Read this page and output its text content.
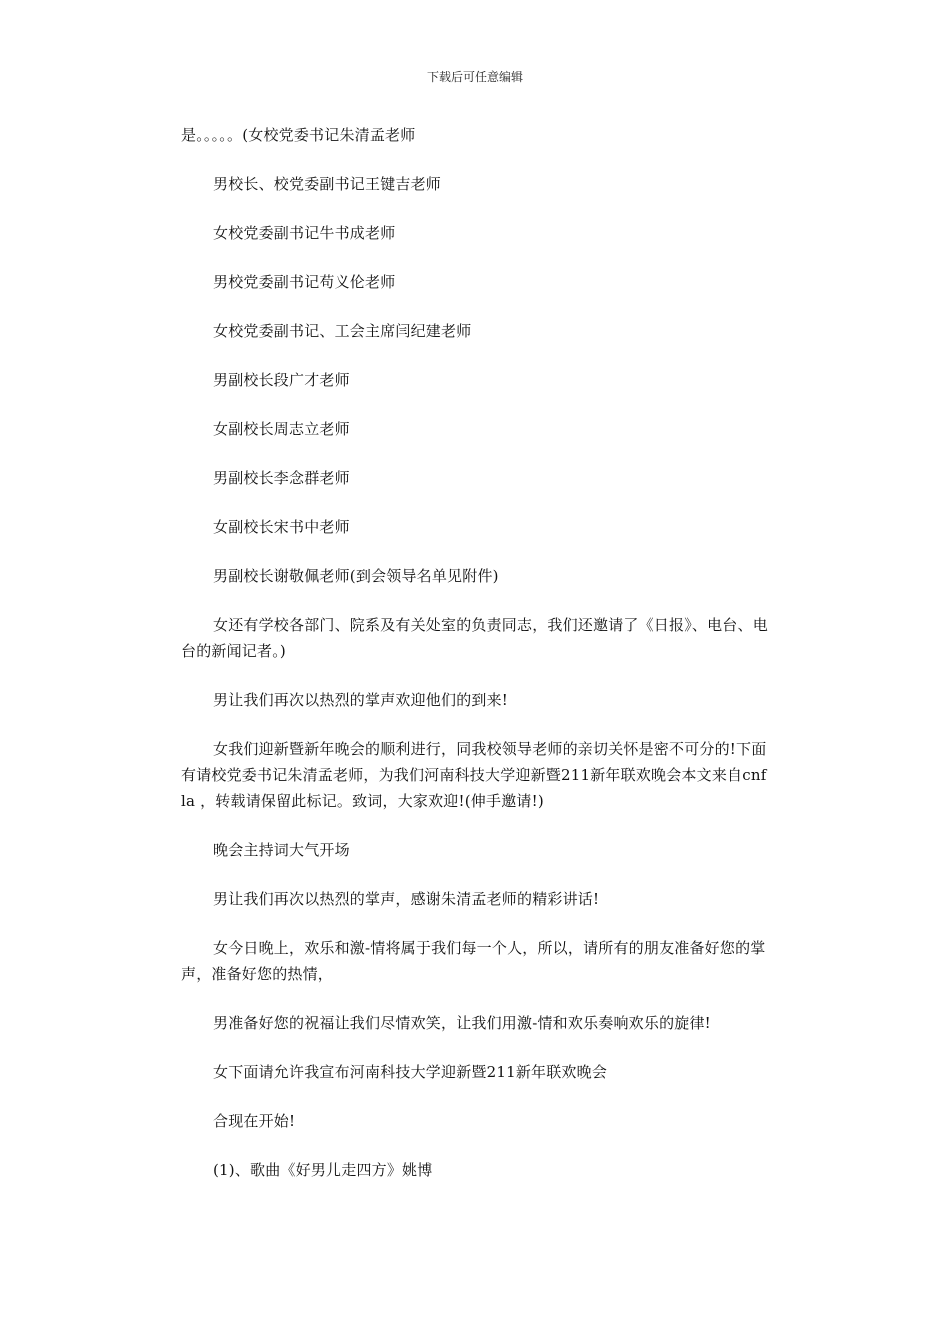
下载后可任意编辑

是。。。。。(女校党委书记朱清孟老师

男校长、校党委副书记王键吉老师

女校党委副书记牛书成老师

男校党委副书记苟义伦老师

女校党委副书记、工会主席闫纪建老师

男副校长段广才老师

女副校长周志立老师

男副校长李念群老师

女副校长宋书中老师

男副校长谢敬佩老师(到会领导名单见附件)

女还有学校各部门、院系及有关处室的负责同志，我们还邀请了《日报》、电台、电台的新闻记者。)

男让我们再次以热烈的掌声欢迎他们的到来!

女我们迎新暨新年晚会的顺利进行，同我校领导老师的亲切关怀是密不可分的!下面有请校党委书记朱清孟老师，为我们河南科技大学迎新暨211新年联欢晚会本文来自cnfla ，转载请保留此标记。致词，大家欢迎!(伸手邀请!)

晚会主持词大气开场

男让我们再次以热烈的掌声，感谢朱清孟老师的精彩讲话!

女今日晚上，欢乐和激-情将属于我们每一个人，所以，请所有的朋友准备好您的掌声，准备好您的热情，

男准备好您的祝福让我们尽情欢笑，让我们用激-情和欢乐奏响欢乐的旋律!

女下面请允许我宣布河南科技大学迎新暨211新年联欢晚会

合现在开始!

(1)、歌曲《好男儿走四方》姚博
